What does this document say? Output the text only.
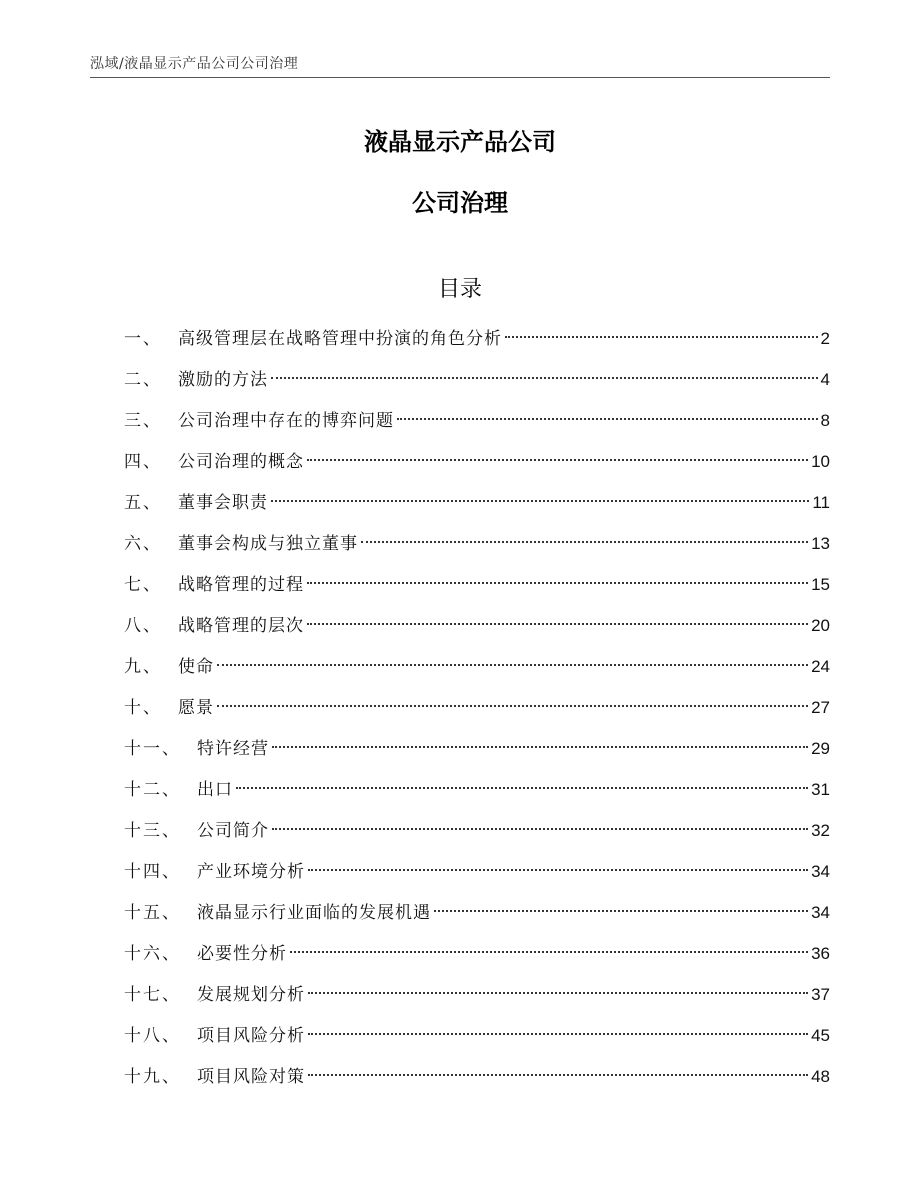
泓域/液晶显示产品公司公司治理
液晶显示产品公司
公司治理
目录
一、 高级管理层在战略管理中扮演的角色分析	2
二、 激励的方法	4
三、 公司治理中存在的博弈问题	8
四、 公司治理的概念	10
五、 董事会职责	11
六、 董事会构成与独立董事	13
七、 战略管理的过程	15
八、 战略管理的层次	20
九、 使命	24
十、 愿景	27
十一、 特许经营	29
十二、 出口	31
十三、 公司简介	32
十四、 产业环境分析	34
十五、 液晶显示行业面临的发展机遇	34
十六、 必要性分析	36
十七、 发展规划分析	37
十八、 项目风险分析	45
十九、 项目风险对策	48
